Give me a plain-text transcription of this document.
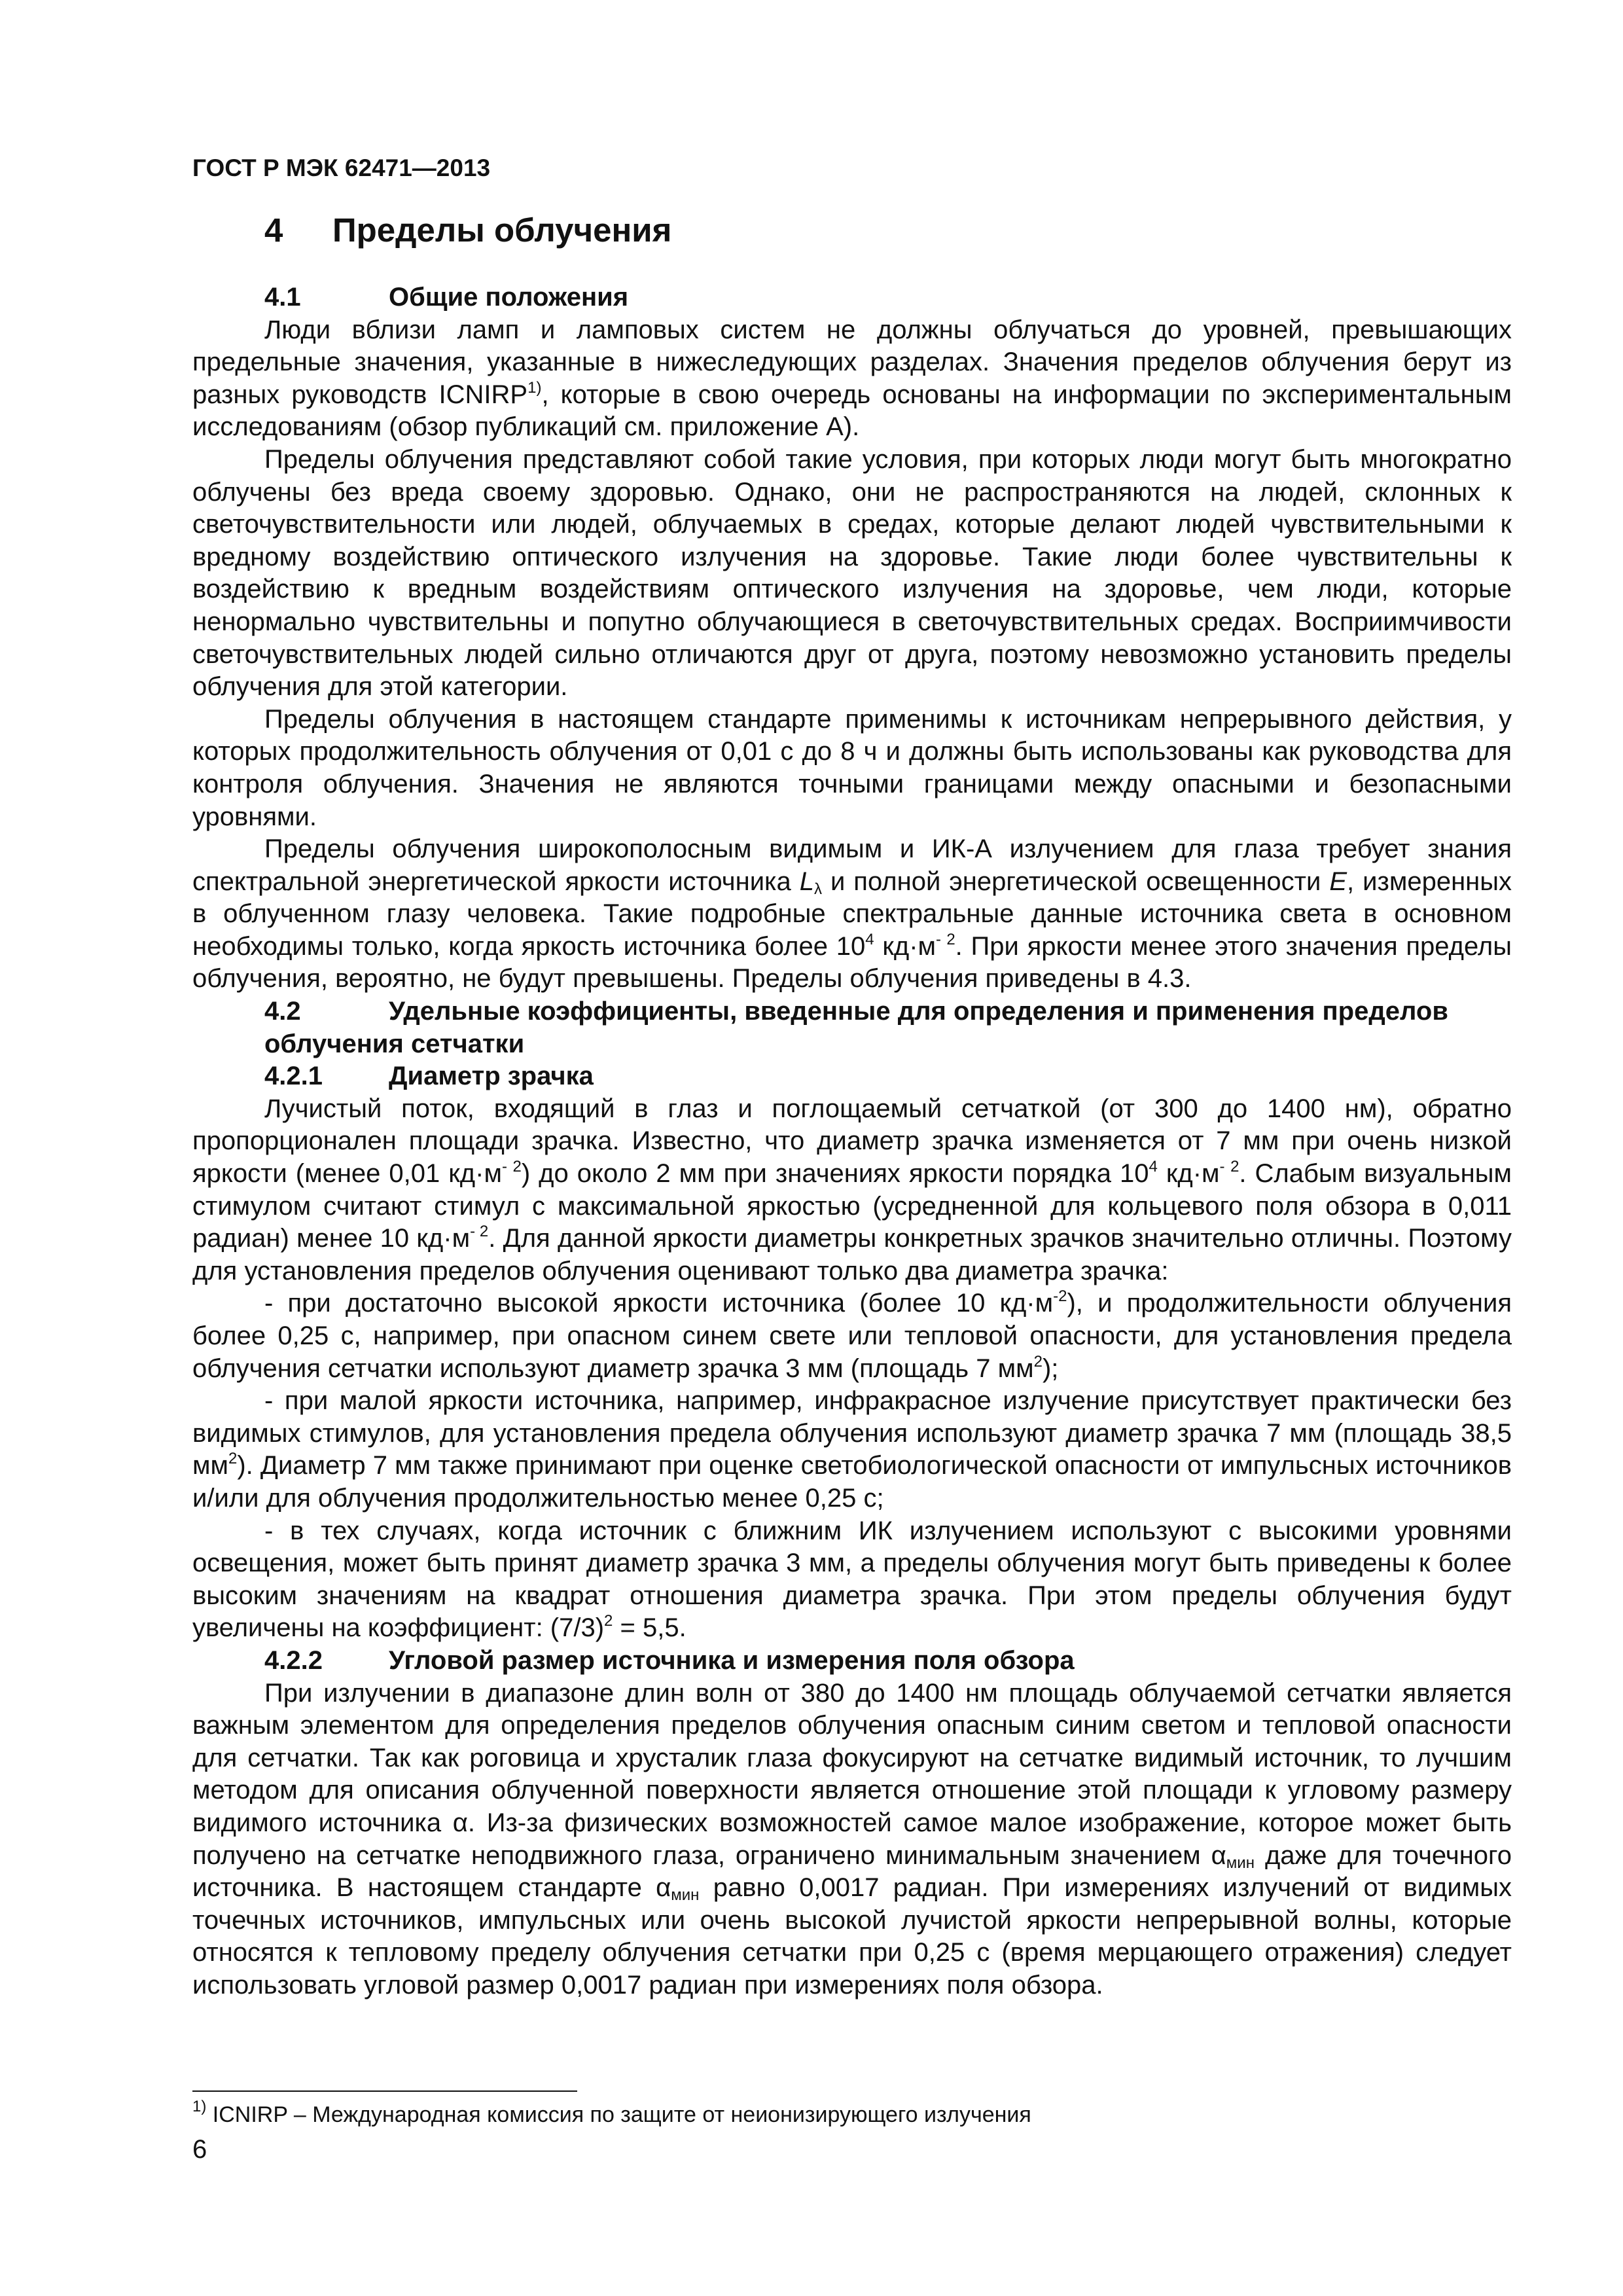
ГОСТ Р МЭК 62471—2013
4 Пределы облучения
4.1	Общие положения

Люди вблизи ламп и ламповых систем не должны облучаться до уровней, превышающих предельные значения, указанные в нижеследующих разделах. Значения пределов облучения берут из разных руководств ICNIRP$^{1)}$, которые в свою очередь основаны на информации по экспериментальным исследованиям (обзор публикаций см. приложение А).

Пределы облучения представляют собой такие условия, при которых люди могут быть многократно облучены без вреда своему здоровью. Однако, они не распространяются на людей, склонных к светочувствительности или людей, облучаемых в средах, которые делают людей чувствительными к вредному воздействию оптического излучения на здоровье. Такие люди более чувствительны к воздействию к вредным воздействиям оптического излучения на здоровье, чем люди, которые ненормально чувствительны и попутно облучающиеся в светочувствительных средах. Восприимчивости светочувствительных людей сильно отличаются друг от друга, поэтому невозможно установить пределы облучения для этой категории.

Пределы облучения в настоящем стандарте применимы к источникам непрерывного действия, у которых продолжительность облучения от 0,01 с до 8 ч и должны быть использованы как руководства для контроля облучения. Значения не являются точными границами между опасными и безопасными уровнями.

Пределы облучения широкополосным видимым и ИК-А излучением для глаза требует знания спектральной энергетической яркости источника $L_\lambda$ и полной энергетической освещенности E, измеренных в облученном глазу человека. Такие подробные спектральные данные источника света в основном необходимы только, когда яркость источника более $10^4$ $кд\cdot м^{- 2}$. При яркости менее этого значения пределы облучения, вероятно, не будут превышены. Пределы облучения приведены в 4.3.

4.2	Удельные коэффициенты, введенные для определения и применения пределов облучения сетчатки
4.2.1	Диаметр зрачка

Лучистый поток, входящий в глаз и поглощаемый сетчаткой (от 300 до 1400 нм), обратно пропорционален площади зрачка. Известно, что диаметр зрачка изменяется от 7 мм при очень низкой яркости (менее 0,01 $кд\cdot м^{- 2}$) до около 2 мм при значениях яркости порядка $10^4$ $кд\cdot м^{- 2}$. Слабым визуальным стимулом считают стимул с максимальной яркостью (усредненной для кольцевого поля обзора в 0,011 радиан) менее 10 $кд\cdot м^{- 2}$. Для данной яркости диаметры конкретных зрачков значительно отличны. Поэтому для установления пределов облучения оценивают только два диаметра зрачка:

- при достаточно высокой яркости источника (более 10 $кд\cdot м^{-2}$), и продолжительности облучения более 0,25 с, например, при опасном синем свете или тепловой опасности, для установления предела облучения сетчатки используют диаметр зрачка 3 мм (площадь 7 $мм^2$);

- при малой яркости источника, например, инфракрасное излучение присутствует практически без видимых стимулов, для установления предела облучения используют диаметр зрачка 7 мм (площадь 38,5 $мм^2$). Диаметр 7 мм также принимают при оценке светобиологической опасности от импульсных источников и/или для облучения продолжительностью менее 0,25 с;

- в тех случаях, когда источник с ближним ИК излучением используют с высокими уровнями освещения, может быть принят диаметр зрачка 3 мм, а пределы облучения могут быть приведены к более высоким значениям на квадрат отношения диаметра зрачка. При этом пределы облучения будут увеличены на коэффициент: $(7/3)^2 = 5,5$.

4.2.2	Угловой размер источника и измерения поля обзора

При излучении в диапазоне длин волн от 380 до 1400 нм площадь облучаемой сетчатки является важным элементом для определения пределов облучения опасным синим светом и тепловой опасности для сетчатки. Так как роговица и хрусталик глаза фокусируют на сетчатке видимый источник, то лучшим методом для описания облученной поверхности является отношение этой площади к угловому размеру видимого источника α. Из-за физических возможностей самое малое изображение, которое может быть получено на сетчатке неподвижного глаза, ограничено минимальным значением $\alpha_{мин}$ даже для точечного источника. В настоящем стандарте $\alpha_{мин}$ равно 0,0017 радиан. При измерениях излучений от видимых точечных источников, импульсных или очень высокой лучистой яркости непрерывной волны, которые относятся к тепловому пределу облучения сетчатки при 0,25 с (время мерцающего отражения) следует использовать угловой размер 0,0017 радиан при измерениях поля обзора.

$^{1)}$ ICNIRP – Международная комиссия по защите от неионизирующего излучения
6
